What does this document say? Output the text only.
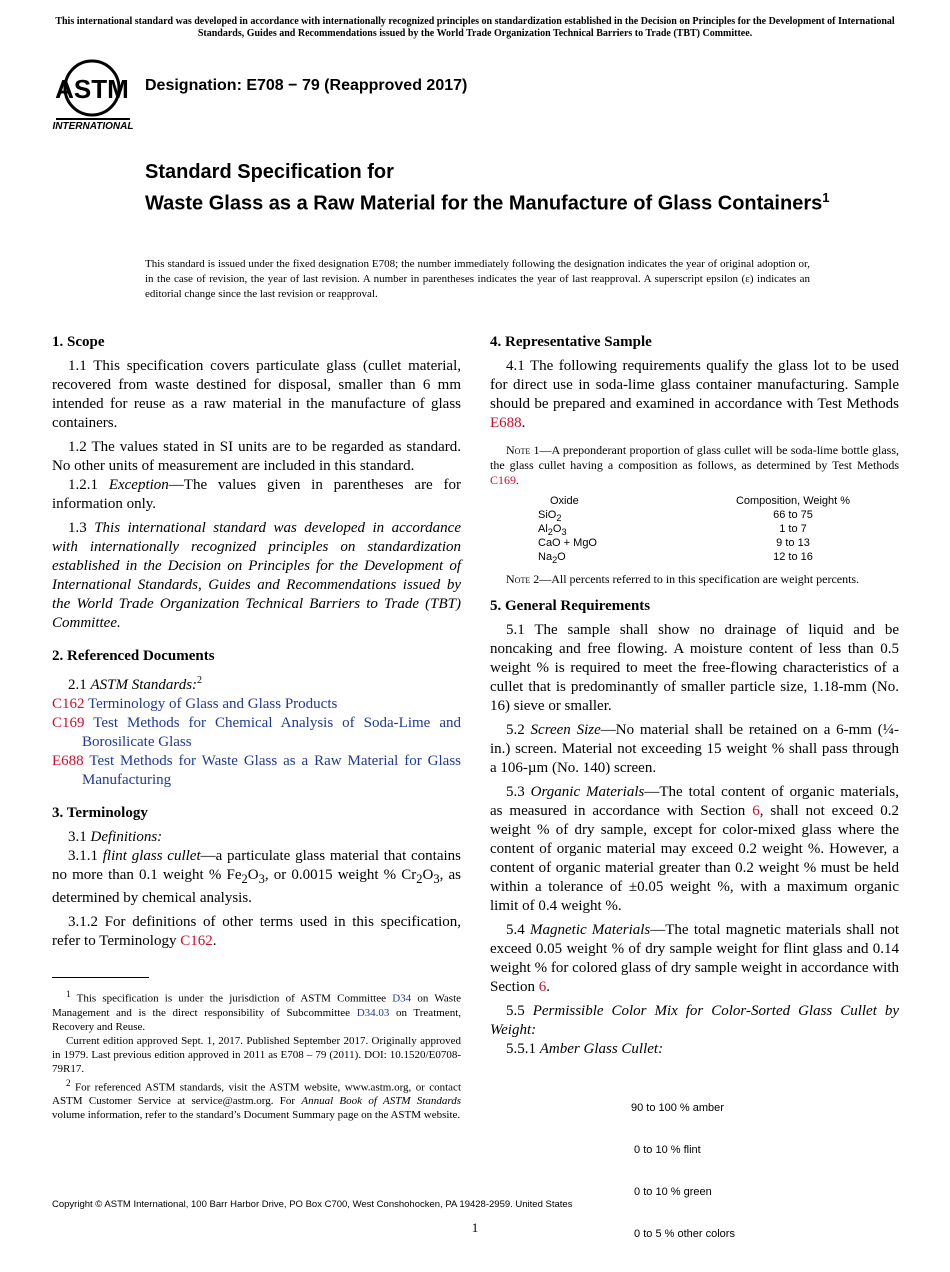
This international standard was developed in accordance with internationally recognized principles on standardization established in the Decision on Principles for the Development of International Standards, Guides and Recommendations issued by the World Trade Organization Technical Barriers to Trade (TBT) Committee.
ASTM
INTERNATIONAL
Designation: E708 − 79 (Reapproved 2017)
Standard Specification for
Waste Glass as a Raw Material for the Manufacture of Glass Containers$^1$
This standard is issued under the fixed designation E708; the number immediately following the designation indicates the year of original adoption or, in the case of revision, the year of last revision. A number in parentheses indicates the year of last reapproval. A superscript epsilon (ε) indicates an editorial change since the last revision or reapproval.
1. Scope

1.1 This specification covers particulate glass (cullet material, recovered from waste destined for disposal, smaller than 6 mm intended for reuse as a raw material in the manufacture of glass containers.

1.2 The values stated in SI units are to be regarded as standard. No other units of measurement are included in this standard.

1.2.1 Exception—The values given in parentheses are for information only.

1.3 This international standard was developed in accordance with internationally recognized principles on standardization established in the Decision on Principles for the Development of International Standards, Guides and Recommendations issued by the World Trade Organization Technical Barriers to Trade (TBT) Committee.

2. Referenced Documents

2.1 ASTM Standards:$^2$

C162 Terminology of Glass and Glass Products
C169 Test Methods for Chemical Analysis of Soda-Lime and Borosilicate Glass
E688 Test Methods for Waste Glass as a Raw Material for Glass Manufacturing
3. Terminology

3.1 Definitions:

3.1.1 flint glass cullet—a particulate glass material that contains no more than 0.1 weight % $Fe_2O_3$, or 0.0015 weight % $Cr_2O_3$, as determined by chemical analysis.

3.1.2 For definitions of other terms used in this specification, refer to Terminology C162.

$^1$ This specification is under the jurisdiction of ASTM Committee D34 on Waste Management and is the direct responsibility of Subcommittee D34.03 on Treatment, Recovery and Reuse.

Current edition approved Sept. 1, 2017. Published September 2017. Originally approved in 1979. Last previous edition approved in 2011 as E708 – 79 (2011). DOI: 10.1520/E0708-79R17.

$^2$ For referenced ASTM standards, visit the ASTM website, www.astm.org, or contact ASTM Customer Service at service@astm.org. For Annual Book of ASTM Standards volume information, refer to the standard’s Document Summary page on the ASTM website.

4. Representative Sample

4.1 The following requirements qualify the glass lot to be used for direct use in soda-lime glass container manufacturing. Sample should be prepared and examined in accordance with Test Methods E688.

Note 1—A preponderant proportion of glass cullet will be soda-lime bottle glass, the glass cullet having a composition as follows, as determined by Test Methods C169.

Oxide	Composition, Weight %
SiO$_2$	66 to 75
$Al_2O_3$	1 to 7
CaO + MgO	9 to 13
$Na_2O$	12 to 16

Note 2—All percents referred to in this specification are weight percents.

5. General Requirements

5.1 The sample shall show no drainage of liquid and be noncaking and free flowing. A moisture content of less than 0.5 weight % is required to meet the free-flowing characteristics of a cullet that is predominantly of smaller particle size, 1.18-mm (No. 16) sieve or smaller.

5.2 Screen Size—No material shall be retained on a 6-mm (¼-in.) screen. Material not exceeding 15 weight % shall pass through a 106-µm (No. 140) screen.

5.3 Organic Materials—The total content of organic materials, as measured in accordance with Section 6, shall not exceed 0.2 weight % of dry sample, except for color-mixed glass where the content of organic material may exceed 0.2 weight %. However, a content of organic material greater than 0.2 weight % must be held within a tolerance of ±0.05 weight %, with a maximum organic limit of 0.4 weight %.

5.4 Magnetic Materials—The total magnetic materials shall not exceed 0.05 weight % of dry sample weight for flint glass and 0.14 weight % for colored glass of dry sample weight in accordance with Section 6.

5.5 Permissible Color Mix for Color-Sorted Glass Cullet by Weight:

5.5.1 Amber Glass Cullet:

90 to 100 % amber

0 to 10 % flint

0 to 10 % green

0 to 5 % other colors

Copyright © ASTM International, 100 Barr Harbor Drive, PO Box C700, West Conshohocken, PA 19428-2959. United States
1
